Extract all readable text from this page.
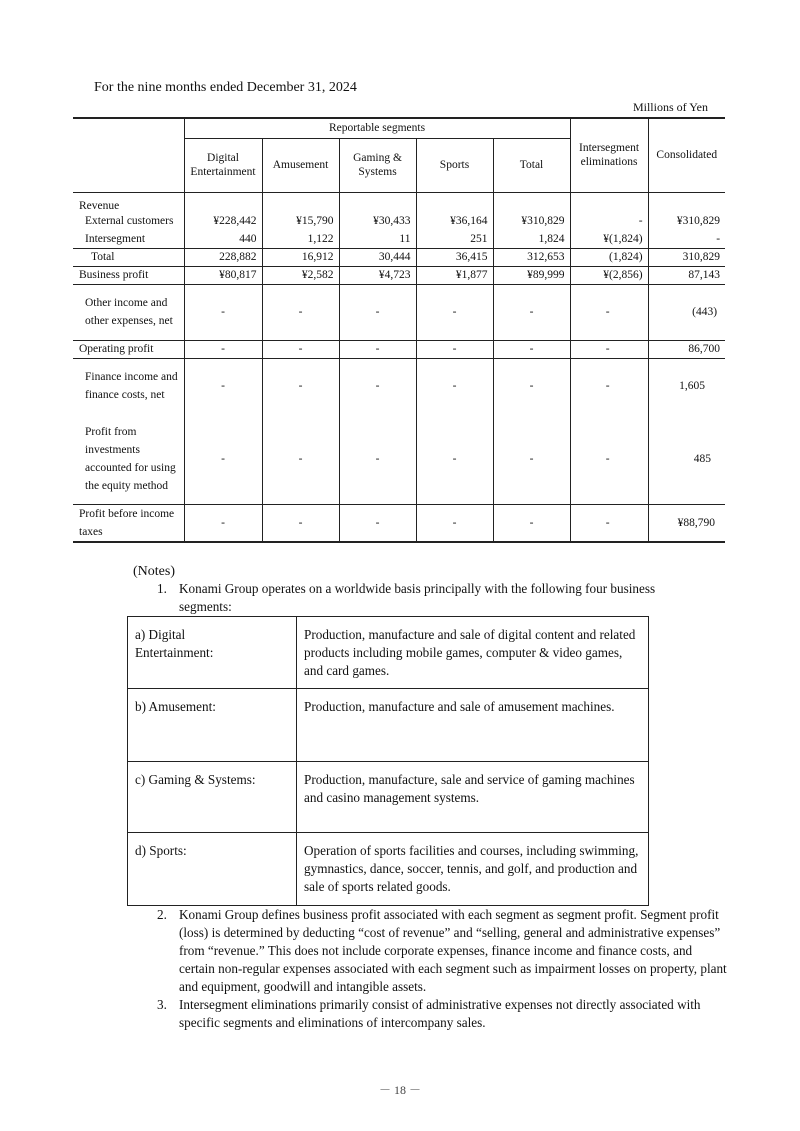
For the nine months ended December 31, 2024
Millions of Yen
	Reportable segments					Intersegment eliminations	Consolidated
	Digital Entertainment	Amusement	Gaming & Systems	Sports	Total		
Revenue							
External customers	¥228,442	¥15,790	¥30,433	¥36,164	¥310,829	-	¥310,829
Intersegment	440	1,122	11	251	1,824	¥(1,824)	-
Total	228,882	16,912	30,444	36,415	312,653	(1,824)	310,829
Business profit	¥80,817	¥2,582	¥4,723	¥1,877	¥89,999	¥(2,856)	87,143

Other income and other expenses, net	-	-	-	-	-	-	(443)
Operating profit	-	-	-	-	-	-	86,700
Finance income and finance costs, net	-	-	-	-	-	-	1,605
Profit from investments accounted for using the equity method	-	-	-	-	-	-	485
Profit before income taxes	-	-	-	-	-	-	¥88,790
(Notes)
1. Konami Group operates on a worldwide basis principally with the following four business segments:
a) Digital Entertainment:	Production, manufacture and sale of digital content and related products including mobile games, computer & video games, and card games.
b) Amusement:	Production, manufacture and sale of amusement machines.
c) Gaming & Systems:	Production, manufacture, sale and service of gaming machines and casino management systems.
d) Sports:	Operation of sports facilities and courses, including swimming, gymnastics, dance, soccer, tennis, and golf, and production and sale of sports related goods.
2. Konami Group defines business profit associated with each segment as segment profit. Segment profit (loss) is determined by deducting “cost of revenue” and “selling, general and administrative expenses” from “revenue.” This does not include corporate expenses, finance income and finance costs, and certain non-regular expenses associated with each segment such as impairment losses on property, plant and equipment, goodwill and intangible assets.
3. Intersegment eliminations primarily consist of administrative expenses not directly associated with specific segments and eliminations of intercompany sales.
－ 18 －
